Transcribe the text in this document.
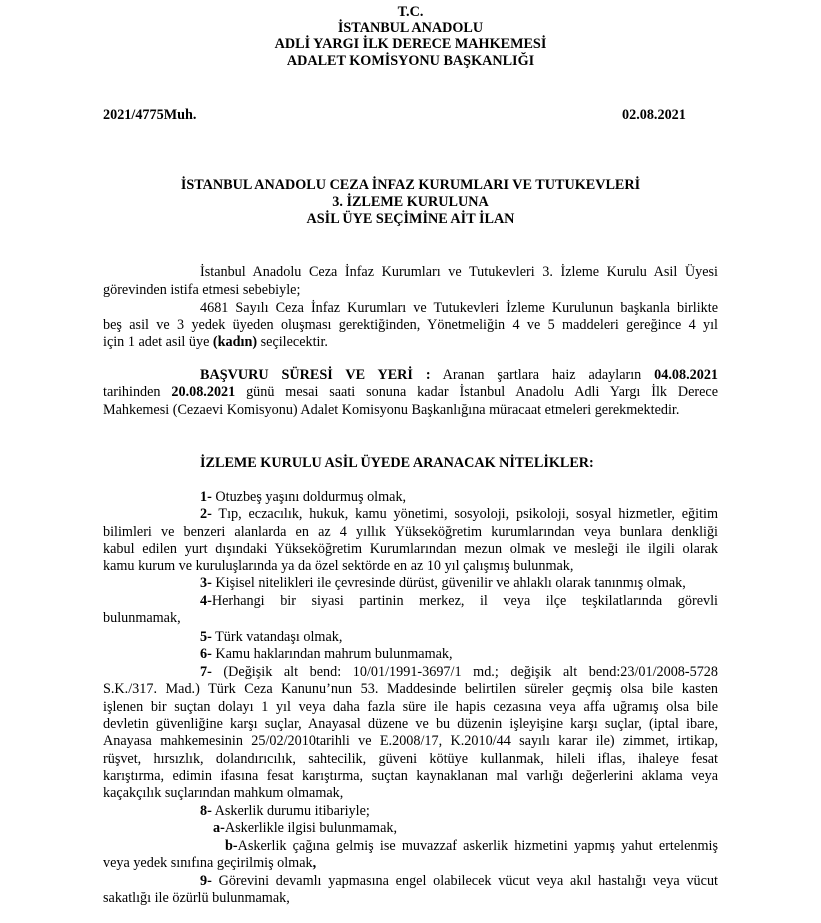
T.C.
İSTANBUL ANADOLU
ADLİ YARGI İLK DERECE MAHKEMESİ
ADALET KOMİSYONU BAŞKANLIĞI
2021/4775Muh.	02.08.2021
İSTANBUL ANADOLU CEZA İNFAZ KURUMLARI VE TUTUKEVLERİ
3. İZLEME KURULUNA
ASİL ÜYE SEÇİMİNE AİT İLAN
İstanbul Anadolu Ceza İnfaz Kurumları ve Tutukevleri 3. İzleme Kurulu Asil Üyesi
görevinden istifa etmesi sebebiyle;
4681 Sayılı Ceza İnfaz Kurumları ve Tutukevleri İzleme Kurulunun başkanla birlikte
beş asil ve 3 yedek üyeden oluşması gerektiğinden, Yönetmeliğin 4 ve 5 maddeleri gereğince 4 yıl
için 1 adet asil üye (kadın) seçilecektir.
BAŞVURU SÜRESİ VE YERİ : Aranan şartlara haiz adayların 04.08.2021
tarihinden 20.08.2021 günü mesai saati sonuna kadar İstanbul Anadolu Adli Yargı İlk Derece
Mahkemesi (Cezaevi Komisyonu) Adalet Komisyonu Başkanlığına müracaat etmeleri gerekmektedir.
İZLEME KURULU ASİL ÜYEDE ARANACAK NİTELİKLER:
1- Otuzbeş yaşını doldurmuş olmak,
2- Tıp, eczacılık, hukuk, kamu yönetimi, sosyoloji, psikoloji, sosyal hizmetler, eğitim
bilimleri ve benzeri alanlarda en az 4 yıllık Yükseköğretim kurumlarından veya bunlara denkliği
kabul edilen yurt dışındaki Yükseköğretim Kurumlarından mezun olmak ve mesleği ile ilgili olarak
kamu kurum ve kuruluşlarında ya da özel sektörde en az 10 yıl çalışmış bulunmak,
3- Kişisel nitelikleri ile çevresinde dürüst, güvenilir ve ahlaklı olarak tanınmış olmak,
4-Herhangi bir siyasi partinin merkez, il veya ilçe teşkilatlarında görevli
bulunmamak,
5- Türk vatandaşı olmak,
6- Kamu haklarından mahrum bulunmamak,
7- (Değişik alt bend: 10/01/1991-3697/1 md.; değişik alt bend:23/01/2008-5728
S.K./317. Mad.) Türk Ceza Kanunu’nun 53. Maddesinde belirtilen süreler geçmiş olsa bile kasten
işlenen bir suçtan dolayı 1 yıl veya daha fazla süre ile hapis cezasına veya affa uğramış olsa bile
devletin güvenliğine karşı suçlar, Anayasal düzene ve bu düzenin işleyişine karşı suçlar, (iptal ibare,
Anayasa mahkemesinin 25/02/2010tarihli ve E.2008/17, K.2010/44 sayılı karar ile) zimmet, irtikap,
rüşvet, hırsızlık, dolandırıcılık, sahtecilik, güveni kötüye kullanmak, hileli iflas, ihaleye fesat
karıştırma, edimin ifasına fesat karıştırma, suçtan kaynaklanan mal varlığı değerlerini aklama veya
kaçakçılık suçlarından mahkum olmamak,
8- Askerlik durumu itibariyle;
a-Askerlikle ilgisi bulunmamak,
b-Askerlik çağına gelmiş ise muvazzaf askerlik hizmetini yapmış yahut ertelenmiş
veya yedek sınıfına geçirilmiş olmak,
9- Görevini devamlı yapmasına engel olabilecek vücut veya akıl hastalığı veya vücut
sakatlığı ile özürlü bulunmamak,
